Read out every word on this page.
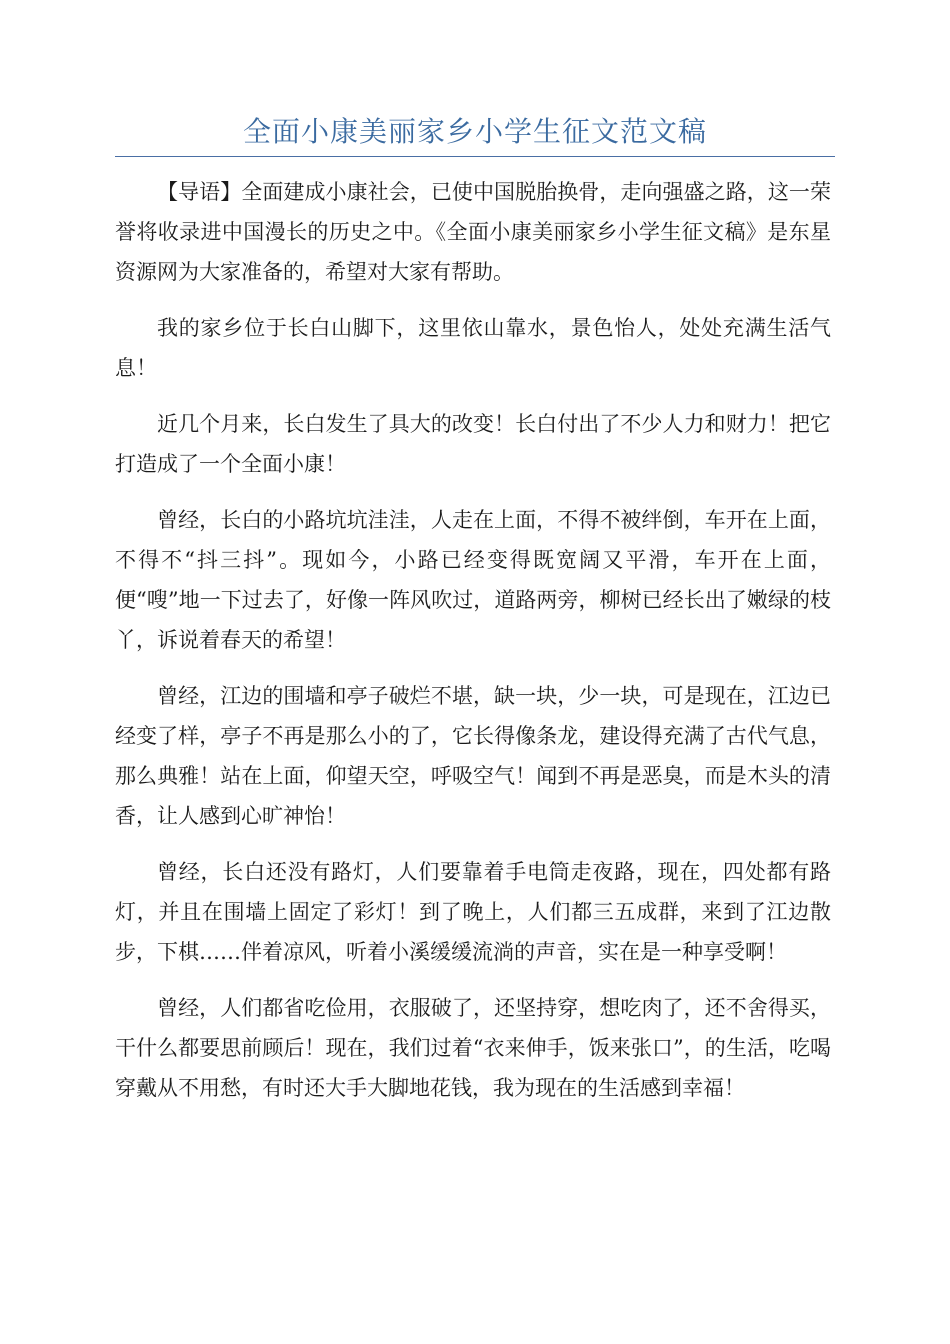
全面小康美丽家乡小学生征文范文稿

【导语】全面建成小康社会，已使中国脱胎换骨，走向强盛之路，这一荣誉将收录进中国漫长的历史之中。《全面小康美丽家乡小学生征文稿》是东星资源网为大家准备的，希望对大家有帮助。

我的家乡位于长白山脚下，这里依山靠水，景色怡人，处处充满生活气息！

近几个月来，长白发生了具大的改变！长白付出了不少人力和财力！把它打造成了一个全面小康！

曾经，长白的小路坑坑洼洼，人走在上面，不得不被绊倒，车开在上面，不得不“抖三抖”。现如今，小路已经变得既宽阔又平滑，车开在上面，便“嗖”地一下过去了，好像一阵风吹过，道路两旁，柳树已经长出了嫩绿的枝丫，诉说着春天的希望！

曾经，江边的围墙和亭子破烂不堪，缺一块，少一块，可是现在，江边已经变了样，亭子不再是那么小的了，它长得像条龙，建设得充满了古代气息，那么典雅！站在上面，仰望天空，呼吸空气！闻到不再是恶臭，而是木头的清香，让人感到心旷神怡！

曾经，长白还没有路灯，人们要靠着手电筒走夜路，现在，四处都有路灯，并且在围墙上固定了彩灯！到了晚上，人们都三五成群，来到了江边散步，下棋……伴着凉风，听着小溪缓缓流淌的声音，实在是一种享受啊！

曾经，人们都省吃俭用，衣服破了，还坚持穿，想吃肉了，还不舍得买，干什么都要思前顾后！现在，我们过着“衣来伸手，饭来张口”，的生活，吃喝穿戴从不用愁，有时还大手大脚地花钱，我为现在的生活感到幸福！
